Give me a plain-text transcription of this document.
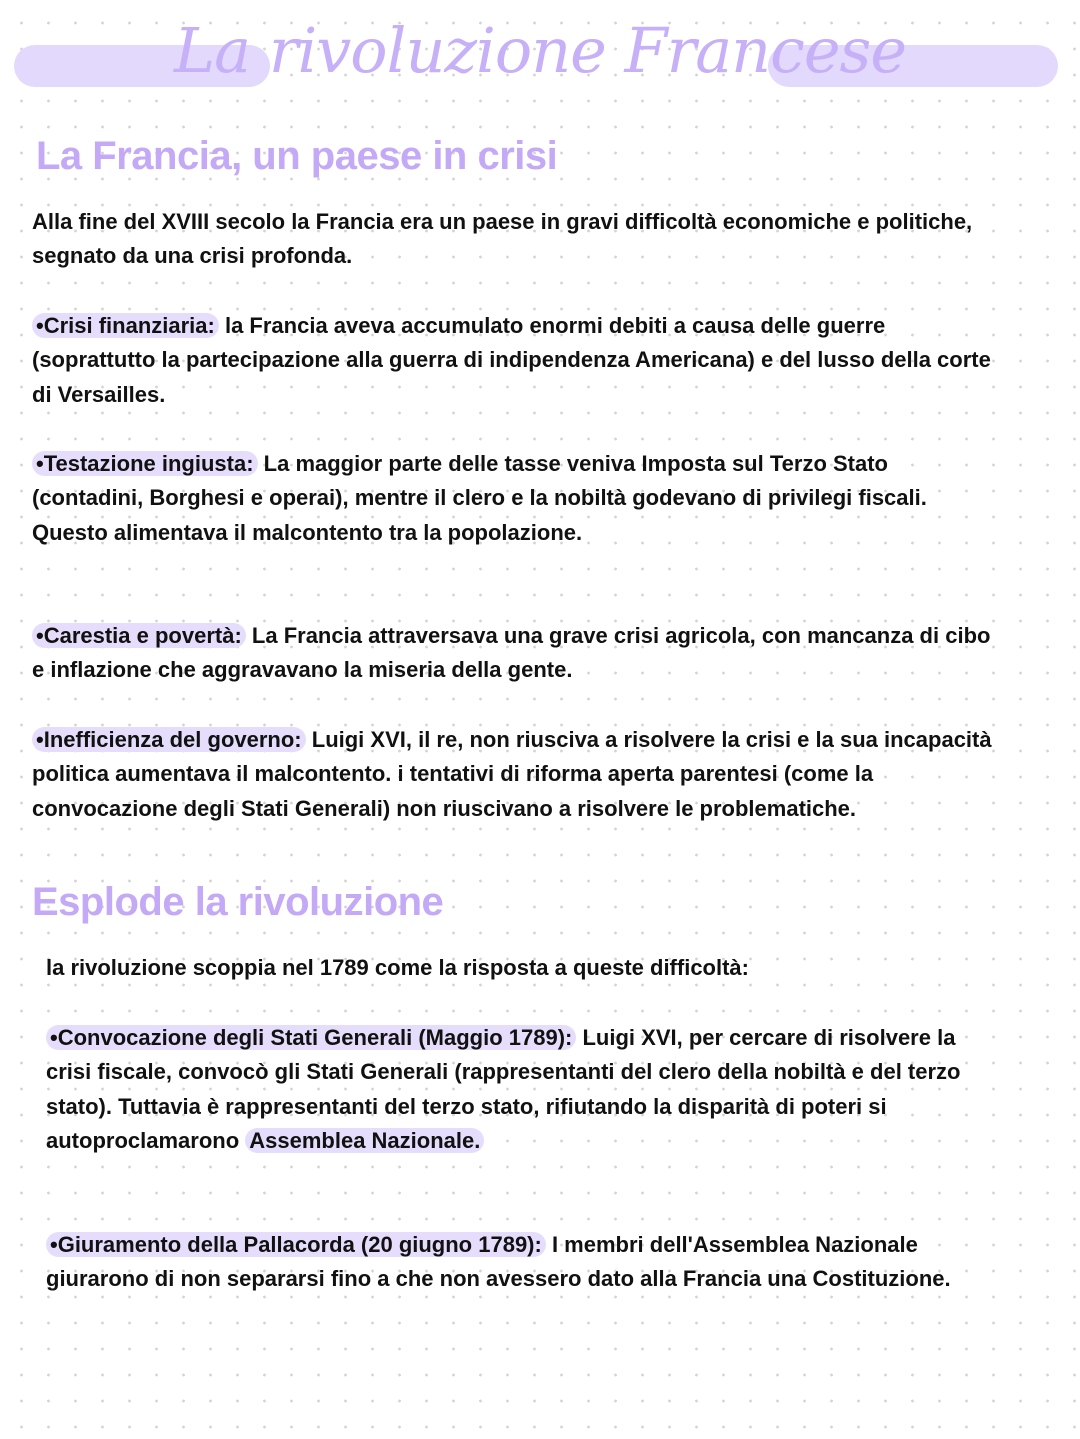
La rivoluzione Francese
La Francia, un paese in crisi
Alla fine del XVIII secolo la Francia era un paese in gravi difficoltà economiche e politiche, segnato da una crisi profonda.
•Crisi finanziaria: la Francia aveva accumulato enormi debiti a causa delle guerre (soprattutto la partecipazione alla guerra di indipendenza Americana) e del lusso della corte di Versailles.
•Testazione ingiusta: La maggior parte delle tasse veniva Imposta sul Terzo Stato (contadini, Borghesi e operai), mentre il clero e la nobiltà godevano di privilegi fiscali.
Questo alimentava il malcontento tra la popolazione.
•Carestia e povertà: La Francia attraversava una grave crisi agricola, con mancanza di cibo e inflazione che aggravavano la miseria della gente.
•Inefficienza del governo: Luigi XVI, il re, non riusciva a risolvere la crisi e la sua incapacità politica aumentava il malcontento. i tentativi di riforma aperta parentesi (come la convocazione degli Stati Generali) non riuscivano a risolvere le problematiche.
Esplode la rivoluzione
la rivoluzione scoppia nel 1789 come la risposta a queste difficoltà:
•Convocazione degli Stati Generali (Maggio 1789): Luigi XVI, per cercare di risolvere la crisi fiscale, convocò gli Stati Generali (rappresentanti del clero della nobiltà e del terzo stato). Tuttavia è rappresentanti del terzo stato, rifiutando la disparità di poteri si autoproclamarono Assemblea Nazionale.
•Giuramento della Pallacorda (20 giugno 1789): I membri dell'Assemblea Nazionale giurarono di non separarsi fino a che non avessero dato alla Francia una Costituzione.
